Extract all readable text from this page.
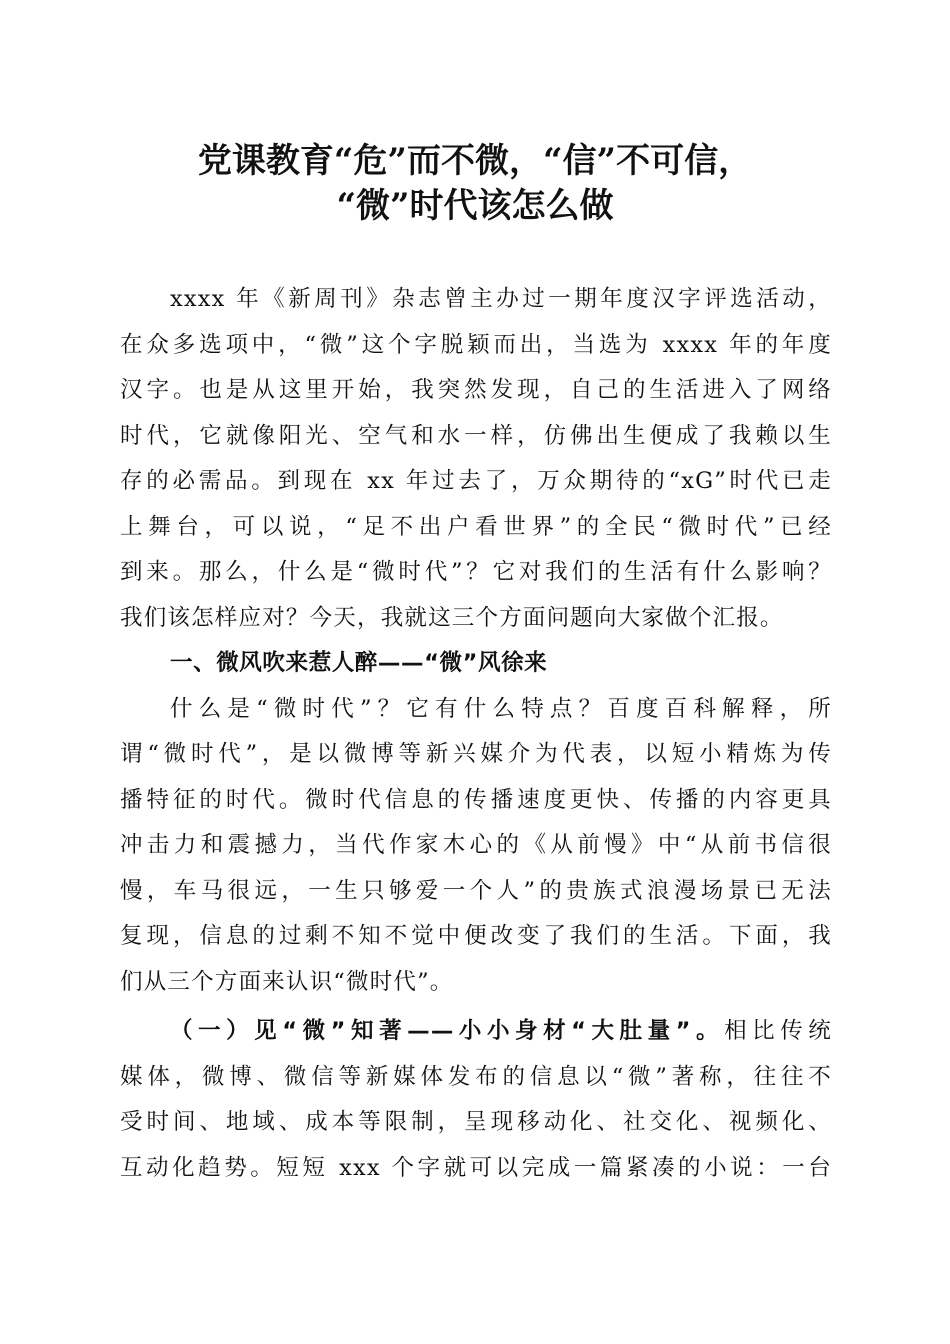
党课教育“危”而不微，“信”不可信，
“微”时代该怎么做
xxxx 年《新周刊》杂志曾主办过一期年度汉字评选活动，
在众多选项中，“微”这个字脱颖而出，当选为 xxxx 年的年度
汉字。也是从这里开始，我突然发现，自己的生活进入了网络
时代，它就像阳光、空气和水一样，仿佛出生便成了我赖以生
存的必需品。到现在 xx 年过去了，万众期待的“xG”时代已走
上舞台，可以说，“足不出户看世界”的全民“微时代”已经
到来。那么，什么是“微时代”？它对我们的生活有什么影响？
我们该怎样应对？今天，我就这三个方面问题向大家做个汇报。
一、微风吹来惹人醉——“微”风徐来
什么是“微时代”？它有什么特点？百度百科解释，所
谓“微时代”，是以微博等新兴媒介为代表，以短小精炼为传
播特征的时代。微时代信息的传播速度更快、传播的内容更具
冲击力和震撼力，当代作家木心的《从前慢》中“从前书信很
慢，车马很远，一生只够爱一个人”的贵族式浪漫场景已无法
复现，信息的过剩不知不觉中便改变了我们的生活。下面，我
们从三个方面来认识“微时代”。
（一）见“微”知著——小小身材“大肚量”。相比传统
媒体，微博、微信等新媒体发布的信息以“微”著称，往往不
受时间、地域、成本等限制，呈现移动化、社交化、视频化、
互动化趋势。短短 xxx 个字就可以完成一篇紧凑的小说：一台
